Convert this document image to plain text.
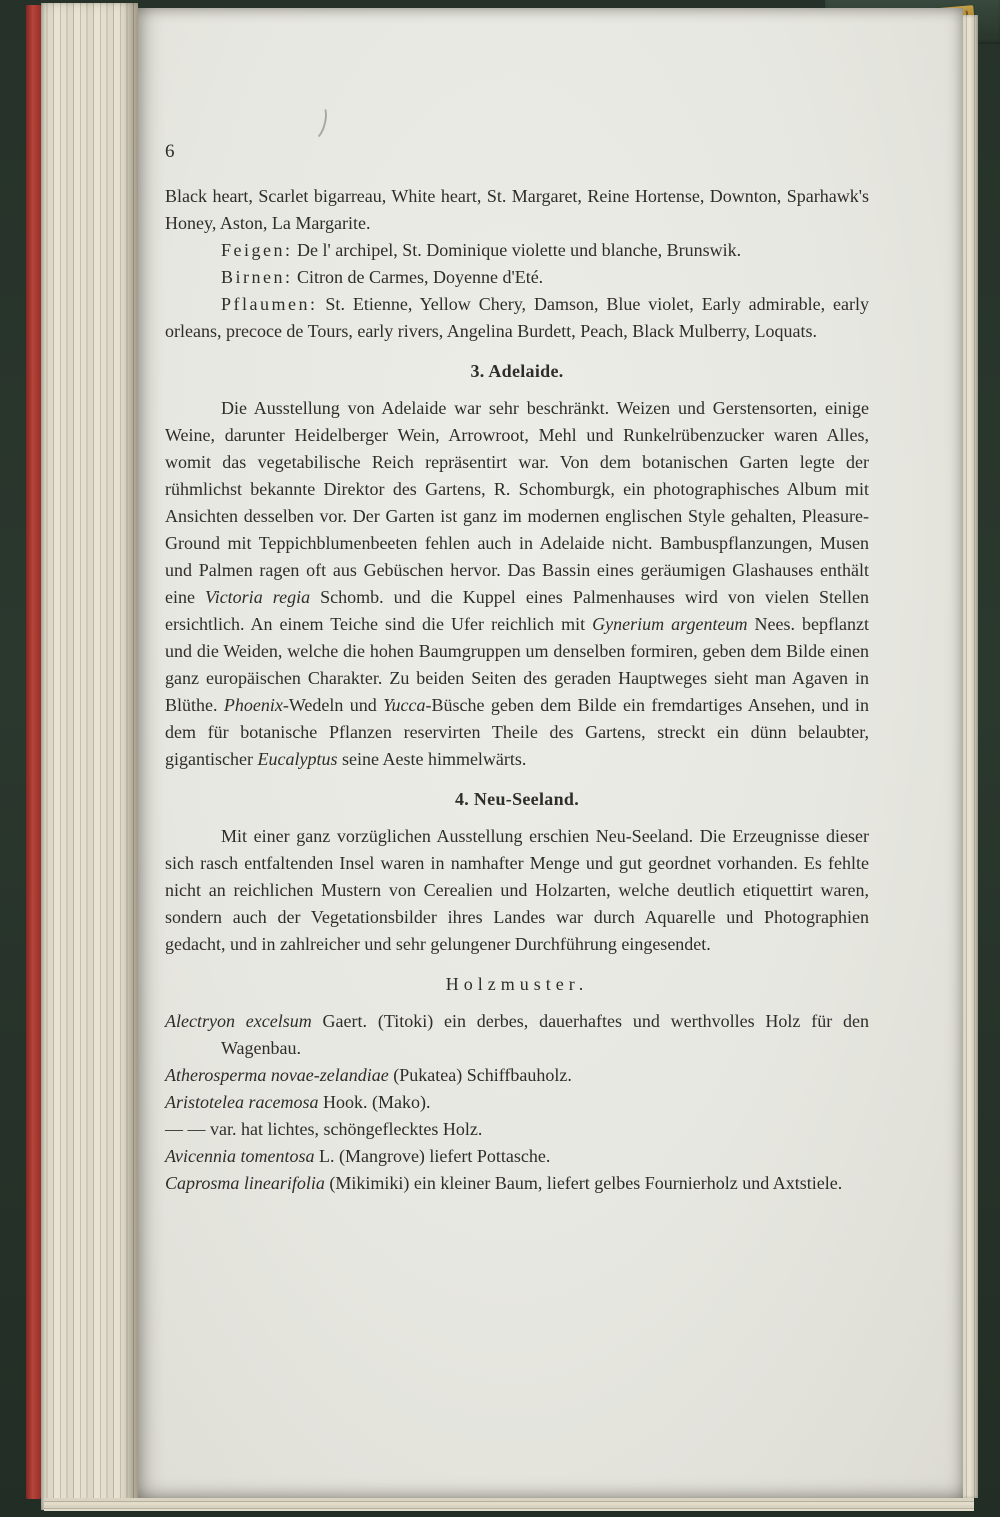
6

Black heart, Scarlet bigarreau, White heart, St. Margaret, Reine Hortense, Downton, Sparhawk's Honey, Aston, La Margarite.

Feigen: De l' archipel, St. Dominique violette und blanche, Brunswik.

Birnen: Citron de Carmes, Doyenne d'Eté.

Pflaumen: St. Etienne, Yellow Chery, Damson, Blue violet, Early admirable, early orleans, precoce de Tours, early rivers, Angelina Burdett, Peach, Black Mulberry, Loquats.

3. Adelaide.

Die Ausstellung von Adelaide war sehr beschränkt. Weizen und Gerstensorten, einige Weine, darunter Heidelberger Wein, Arrowroot, Mehl und Runkelrübenzucker waren Alles, womit das vegetabilische Reich repräsentirt war. Von dem botanischen Garten legte der rühmlichst bekannte Direktor des Gartens, R. Schomburgk, ein photographisches Album mit Ansichten desselben vor. Der Garten ist ganz im modernen englischen Style gehalten, Pleasure-Ground mit Teppichblumenbeeten fehlen auch in Adelaide nicht. Bambuspflanzungen, Musen und Palmen ragen oft aus Gebüschen hervor. Das Bassin eines geräumigen Glashauses enthält eine Victoria regia Schomb. und die Kuppel eines Palmenhauses wird von vielen Stellen ersichtlich. An einem Teiche sind die Ufer reichlich mit Gynerium argenteum Nees. bepflanzt und die Weiden, welche die hohen Baumgruppen um denselben formiren, geben dem Bilde einen ganz europäischen Charakter. Zu beiden Seiten des geraden Hauptweges sieht man Agaven in Blüthe. Phoenix-Wedeln und Yucca-Büsche geben dem Bilde ein fremdartiges Ansehen, und in dem für botanische Pflanzen reservirten Theile des Gartens, streckt ein dünn belaubter, gigantischer Eucalyptus seine Aeste himmelwärts.

4. Neu-Seeland.

Mit einer ganz vorzüglichen Ausstellung erschien Neu-Seeland. Die Erzeugnisse dieser sich rasch entfaltenden Insel waren in namhafter Menge und gut geordnet vorhanden. Es fehlte nicht an reichlichen Mustern von Cerealien und Holzarten, welche deutlich etiquettirt waren, sondern auch der Vegetationsbilder ihres Landes war durch Aquarelle und Photographien gedacht, und in zahlreicher und sehr gelungener Durchführung eingesendet.

Holzmuster.

Alectryon excelsum Gaert. (Titoki) ein derbes, dauerhaftes und werthvolles Holz für den Wagenbau.

Atherosperma novae-zelandiae (Pukatea) Schiffbauholz.

Aristotelea racemosa Hook. (Mako).

— — var. hat lichtes, schöngeflecktes Holz.

Avicennia tomentosa L. (Mangrove) liefert Pottasche.

Caprosma linearifolia (Mikimiki) ein kleiner Baum, liefert gelbes Fournierholz und Axtstiele.
